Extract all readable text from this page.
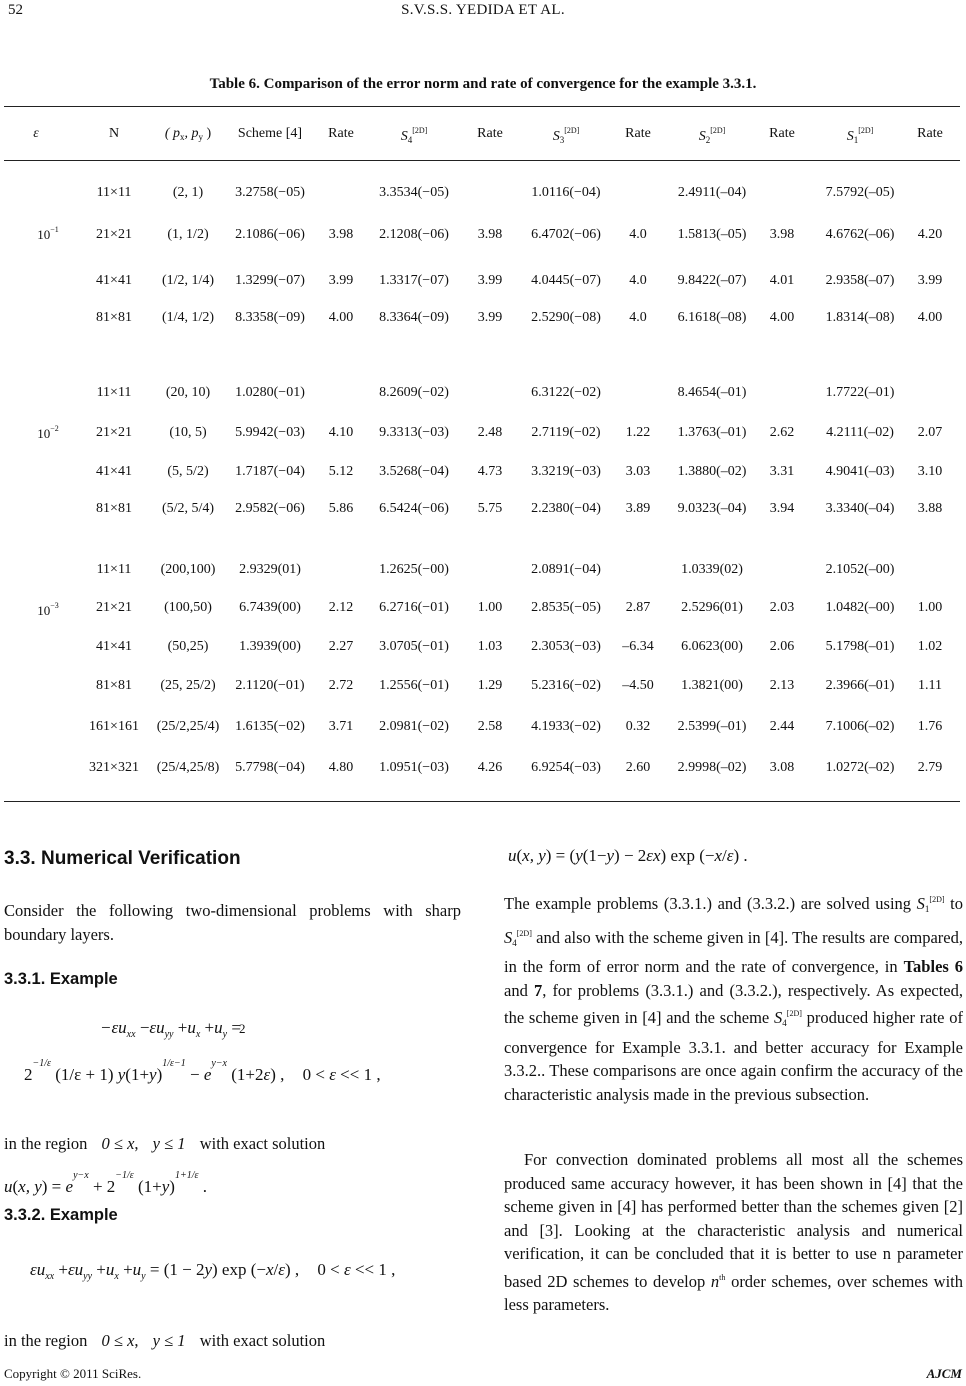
52	S.V.S.S. YEDIDA ET AL.
Table 6. Comparison of the error norm and rate of convergence for the example 3.3.1.
ε	N	( $p_x$, $p_y$ ) Scheme [4] Rate	$S_4[2D]$	Rate	$S_3[2D]$	Rate	$S_2[2D]$	Rate	$S_1[2D]$	Rate
$10^{-1}$
11×11	(2, 1) 3.2758(−05)	3.3534(−05)	1.0116(−04)	2.4911(–04)	7.5792(–05)
21×21	(1, 1/2) 2.1086(−06) 3.98 2.1208(−06) 3.98 6.4702(−06) 4.0 1.5813(–05) 3.98 4.6762(–06) 4.20
41×41 (1/2, 1/4) 1.3299(−07) 3.99 1.3317(−07) 3.99 4.0445(−07) 4.0 9.8422(–07) 4.01 2.9358(–07) 3.99
81×81 (1/4, 1/2) 8.3358(−09) 4.00 8.3364(−09) 3.99 2.5290(−08) 4.0 6.1618(–08) 4.00 1.8314(–08) 4.00
$10^{-2}$
11×11 (20, 10) 1.0280(−01)	8.2609(−02)	6.3122(−02)	8.4654(–01)	1.7722(–01)
21×21	(10, 5) 5.9942(−03) 4.10 9.3313(−03) 2.48 2.7119(−02) 1.22 1.3763(–01) 2.62 4.2111(–02) 2.07
41×41	(5, 5/2) 1.7187(−04) 5.12 3.5268(−04) 4.73 3.3219(−03) 3.03 1.3880(–02) 3.31 4.9041(–03) 3.10
81×81 (5/2, 5/4) 2.9582(−06) 5.86 6.5424(−06) 5.75 2.2380(−04) 3.89 9.0323(–04) 3.94 3.3340(–04) 3.88
$10^{-3}$
11×11 (200,100) 2.9329(01)	1.2625(−00)	2.0891(−04)	1.0339(02)	2.1052(–00)
21×21 (100,50) 6.7439(00) 2.12 6.2716(−01) 1.00 2.8535(−05) 2.87 2.5296(01) 2.03 1.0482(–00) 1.00
41×41	(50,25) 1.3939(00) 2.27 3.0705(−01) 1.03 2.3053(−03) –6.34 6.0623(00) 2.06 5.1798(–01) 1.02
81×81 (25, 25/2) 2.1120(−01) 2.72 1.2556(−01) 1.29 5.2316(−02) –4.50 1.3821(00) 2.13 2.3966(–01) 1.11
161×161 (25/2,25/4) 1.6135(−02) 3.71 2.0981(−02) 2.58 4.1933(−02) 0.32 2.5399(–01) 2.44 7.1006(–02) 1.76
321×321 (25/4,25/8) 5.7798(−04) 4.80 1.0951(−03) 4.26 6.9254(−03) 2.60 2.9998(–02) 3.08 1.0272(–02) 2.79
3.3. Numerical Verification
Consider the following two-dimensional problems with sharp boundary layers.
3.3.1. Example
$-\varepsilon u_{xx} -\varepsilon u_{yy} +u_x +u_y$ =
2
$2^{-1/\varepsilon}$ (1/ε + 1) $y(1+y)^{1/\varepsilon-1} - e^{y-x}$ (1+2ε) , 0 < ε << 1 ,
in the region 0 ≤ x, y ≤ 1 with exact solution
u(x, $y) = e^{y-x} + 2^{-1/\varepsilon}$ $(1+y)^{1+1/\varepsilon}$ .
3.3.2. Example
$\varepsilon u_{xx} +\varepsilon u_{yy} +u_x +u_y = (1 - 2y)$ exp (−x/ε) , 0 < ε << 1 ,
in the region 0 ≤ x, y ≤ 1 with exact solution
u(x, y) = (y(1−y) − 2εx) exp (−x/ε) .
The example problems (3.3.1.) and (3.3.2.) are solved using $S_1[2D]$ to $S_4[2D]$ and also with the scheme given in [4]. The results are compared, in the form of error norm and the rate of convergence, in Tables 6 and 7, for problems (3.3.1.) and (3.3.2.), respectively. As expected, the scheme given in [4] and the scheme $S_4[2D]$ produced higher rate of convergence for Example 3.3.1. and better accuracy for Example 3.3.2.. These comparisons are once again confirm the accuracy of the characteristic analysis made in the previous subsection.
For convection dominated problems all most all the schemes produced same accuracy however, it has been shown in [4] that the scheme given in [4] has performed better than the schemes given [2] and [3]. Looking at the characteristic analysis and numerical verification, it can be concluded that it is better to use n parameter based 2D schemes to develop $n^{th}$ order schemes, over schemes with less parameters.
Copyright © 2011 SciRes.	AJCM
